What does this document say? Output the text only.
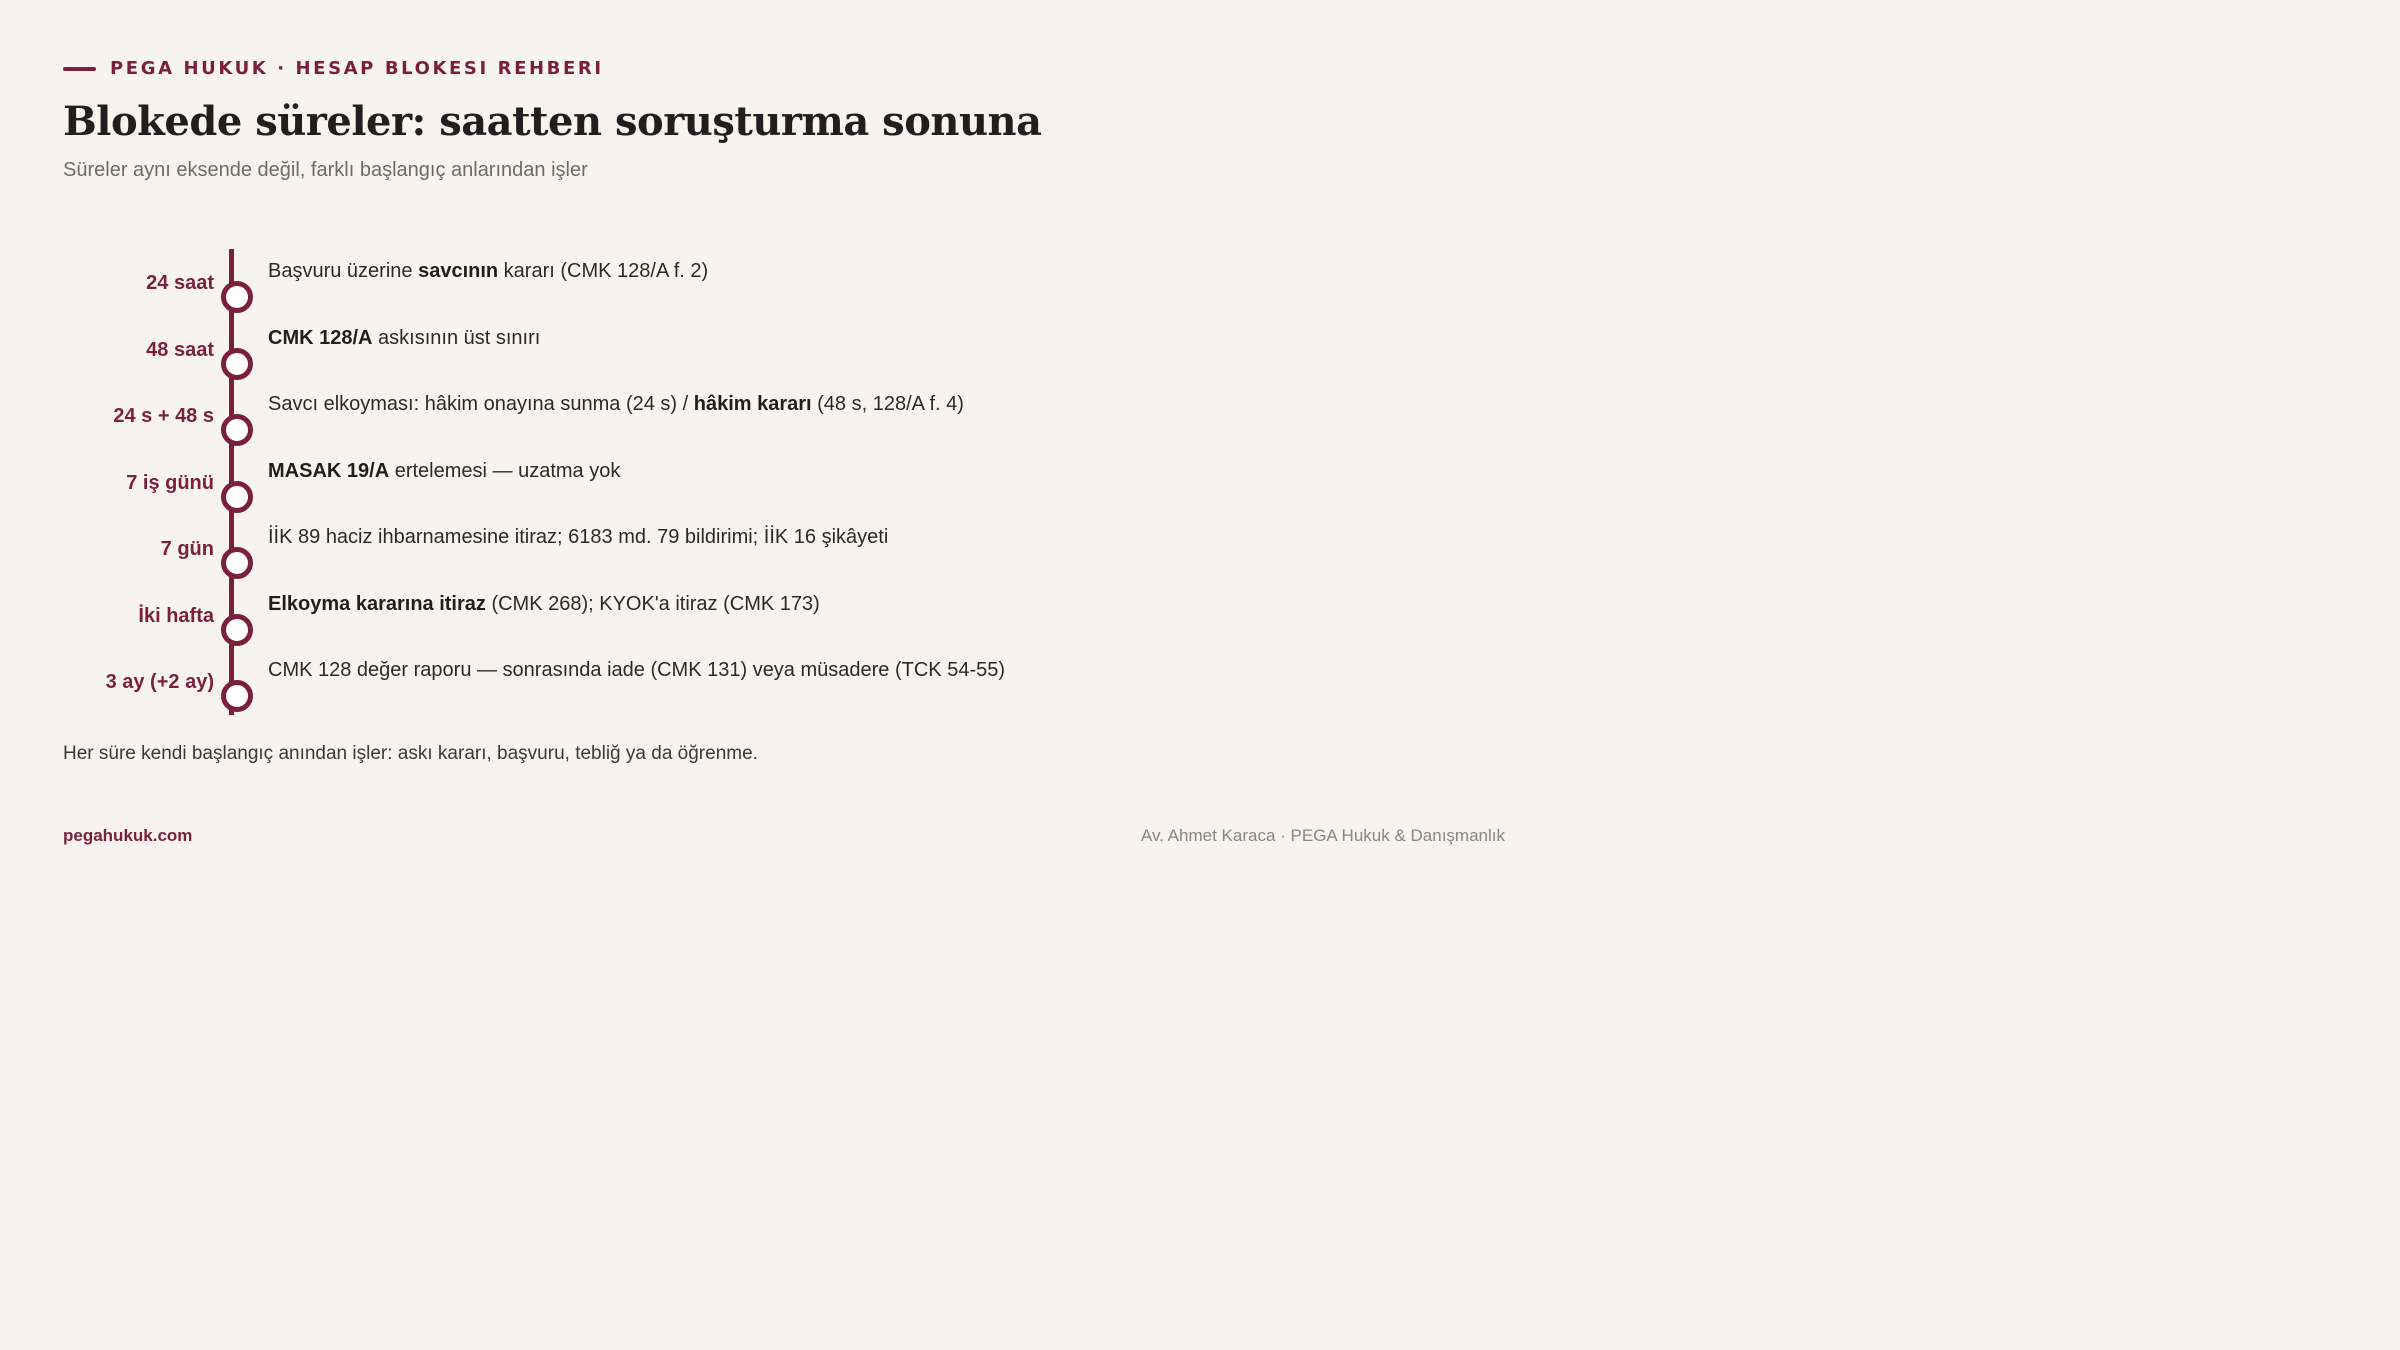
PEGA HUKUK · HESAP BLOKESI REHBERI
Blokede süreler: saatten soruşturma sonuna
Süreler aynı eksende değil, farklı başlangıç anlarından işler
24 saat
Başvuru üzerine savcının kararı (CMK 128/A f. 2)
48 saat
CMK 128/A askısının üst sınırı
24 s + 48 s
Savcı elkoyması: hâkim onayına sunma (24 s) / hâkim kararı (48 s, 128/A f. 4)
7 iş günü
MASAK 19/A ertelemesi — uzatma yok
7 gün
İİK 89 haciz ihbarnamesine itiraz; 6183 md. 79 bildirimi; İİK 16 şikâyeti
İki hafta
Elkoyma kararına itiraz (CMK 268); KYOK'a itiraz (CMK 173)
3 ay (+2 ay)
CMK 128 değer raporu — sonrasında iade (CMK 131) veya müsadere (TCK 54-55)
Her süre kendi başlangıç anından işler: askı kararı, başvuru, tebliğ ya da öğrenme.
pegahukuk.com	Av. Ahmet Karaca · PEGA Hukuk & Danışmanlık
